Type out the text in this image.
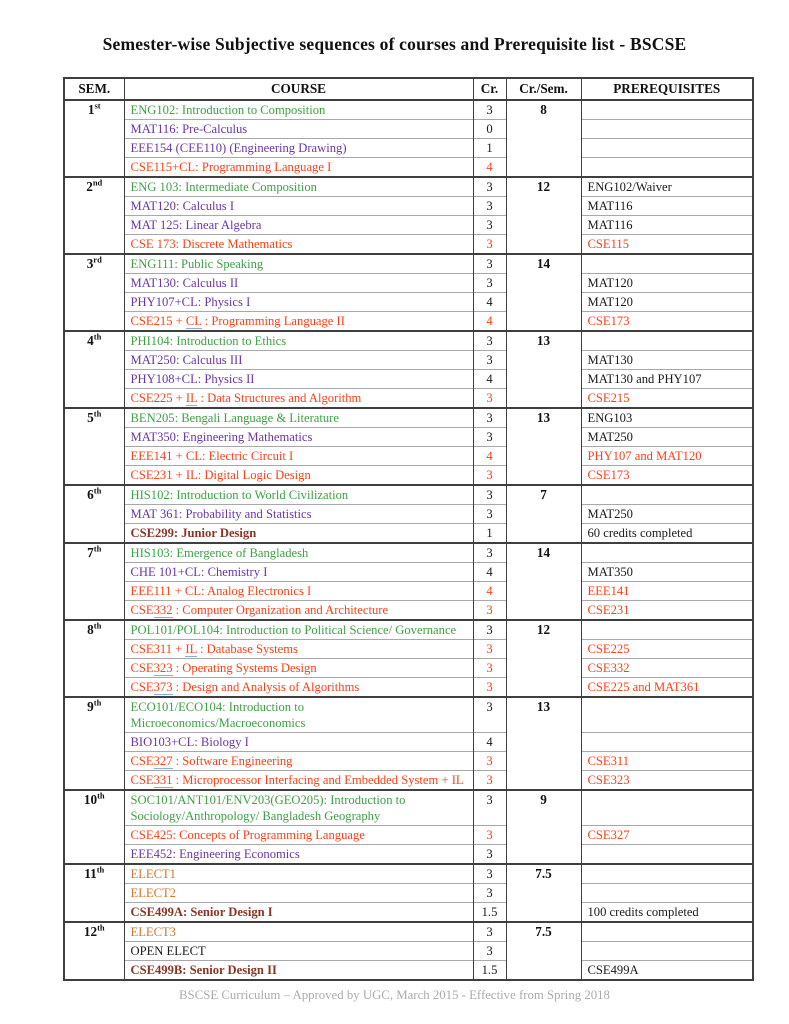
Semester-wise Subjective sequences of courses and Prerequisite list - BSCSE
SEM.	COURSE	Cr.	Cr./Sem.	PREREQUISITES
1st	ENG102: Introduction to Composition	3	8	
	MAT116: Pre-Calculus	0		
	EEE154 (CEE110) (Engineering Drawing)	1		
	CSE115+CL: Programming Language I	4		
2nd	ENG 103: Intermediate Composition	3	12	ENG102/Waiver
	MAT120: Calculus I	3		MAT116
	MAT 125: Linear Algebra	3		MAT116
	CSE 173: Discrete Mathematics	3		CSE115
3rd	ENG111: Public Speaking	3	14	
	MAT130: Calculus II	3		MAT120
	PHY107+CL: Physics I	4		MAT120
	CSE215 + CL : Programming Language II	4		CSE173
4th	PHI104: Introduction to Ethics	3	13	
	MAT250: Calculus III	3		MAT130
	PHY108+CL: Physics II	4		MAT130 and PHY107
	CSE225 + IL : Data Structures and Algorithm	3		CSE215
5th	BEN205: Bengali Language & Literature	3	13	ENG103
	MAT350: Engineering Mathematics	3		MAT250
	EEE141 + CL: Electric Circuit I	4		PHY107 and MAT120
	CSE231 + IL: Digital Logic Design	3		CSE173
6th	HIS102: Introduction to World Civilization	3	7	
	MAT 361: Probability and Statistics	3		MAT250
	CSE299: Junior Design	1		60 credits completed
7th	HIS103: Emergence of Bangladesh	3	14	
	CHE 101+CL: Chemistry I	4		MAT350
	EEE111 + CL: Analog Electronics I	4		EEE141
	CSE332 : Computer Organization and Architecture	3		CSE231
8th	POL101/POL104: Introduction to Political Science/ Governance	3	12	
	CSE311 + IL : Database Systems	3		CSE225
	CSE323 : Operating Systems Design	3		CSE332
	CSE373 : Design and Analysis of Algorithms	3		CSE225 and MAT361
9th	ECO101/ECO104: Introduction to Microeconomics/Macroeconomics	3	13	
	BIO103+CL: Biology I	4		
	CSE327 : Software Engineering	3		CSE311
	CSE331 : Microprocessor Interfacing and Embedded System + IL	3		CSE323
10th	SOC101/ANT101/ENV203(GEO205): Introduction to Sociology/Anthropology/ Bangladesh Geography	3	9	
	CSE425: Concepts of Programming Language	3		CSE327
	EEE452: Engineering Economics	3		
11th	ELECT1	3	7.5	
	ELECT2	3		
	CSE499A: Senior Design I	1.5		100 credits completed
12th	ELECT3	3	7.5	
	OPEN ELECT	3		
	CSE499B: Senior Design II	1.5		CSE499A
BSCSE Curriculum – Approved by UGC, March 2015 - Effective from Spring 2018
